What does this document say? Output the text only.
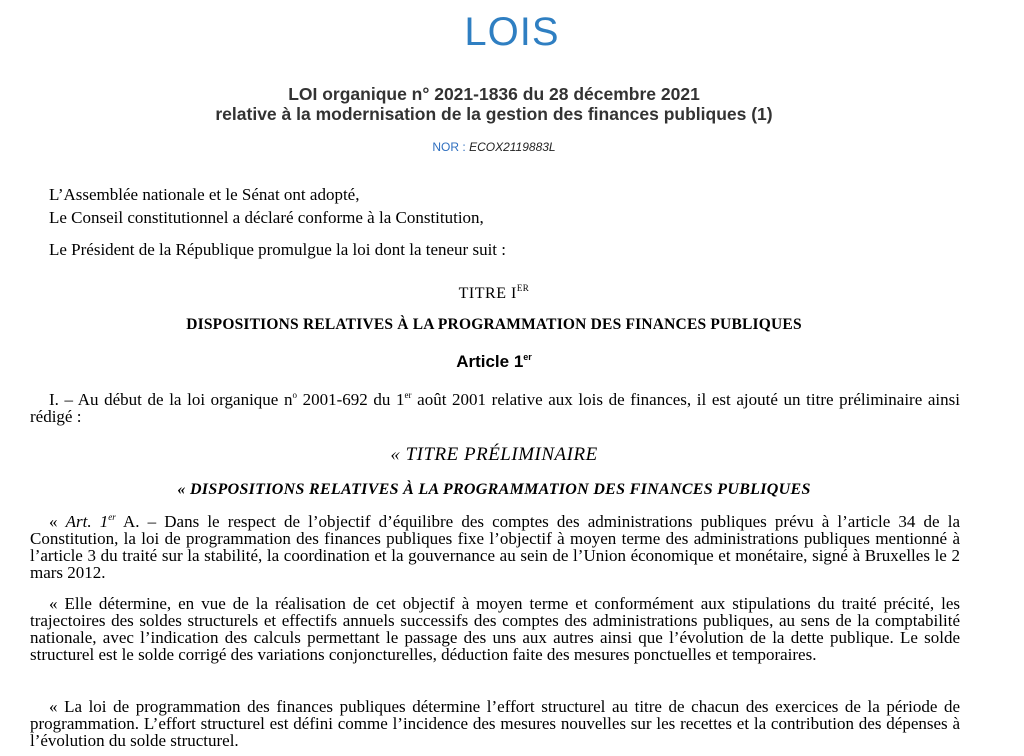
LOIS
LOI organique n° 2021-1836 du 28 décembre 2021
relative à la modernisation de la gestion des finances publiques (1)
NOR : ECOX2119883L
L’Assemblée nationale et le Sénat ont adopté,
Le Conseil constitutionnel a déclaré conforme à la Constitution,
Le Président de la République promulgue la loi dont la teneur suit :
TITRE IER
DISPOSITIONS RELATIVES À LA PROGRAMMATION DES FINANCES PUBLIQUES
Article 1er

I. – Au début de la loi organique $n^o$ 2001-692 du 1er août 2001 relative aux lois de finances, il est ajouté un titre préliminaire ainsi rédigé :

« TITRE PRÉLIMINAIRE
« DISPOSITIONS RELATIVES À LA PROGRAMMATION DES FINANCES PUBLIQUES

« Art. 1er A. – Dans le respect de l’objectif d’équilibre des comptes des administrations publiques prévu à l’article 34 de la Constitution, la loi de programmation des finances publiques fixe l’objectif à moyen terme des administrations publiques mentionné à l’article 3 du traité sur la stabilité, la coordination et la gouvernance au sein de l’Union économique et monétaire, signé à Bruxelles le 2 mars 2012.

« Elle détermine, en vue de la réalisation de cet objectif à moyen terme et conformément aux stipulations du traité précité, les trajectoires des soldes structurels et effectifs annuels successifs des comptes des administrations publiques, au sens de la comptabilité nationale, avec l’indication des calculs permettant le passage des uns aux autres ainsi que l’évolution de la dette publique. Le solde structurel est le solde corrigé des variations conjoncturelles, déduction faite des mesures ponctuelles et temporaires.

« La loi de programmation des finances publiques détermine l’effort structurel au titre de chacun des exercices de la période de programmation. L’effort structurel est défini comme l’incidence des mesures nouvelles sur les recettes et la contribution des dépenses à l’évolution du solde structurel.
